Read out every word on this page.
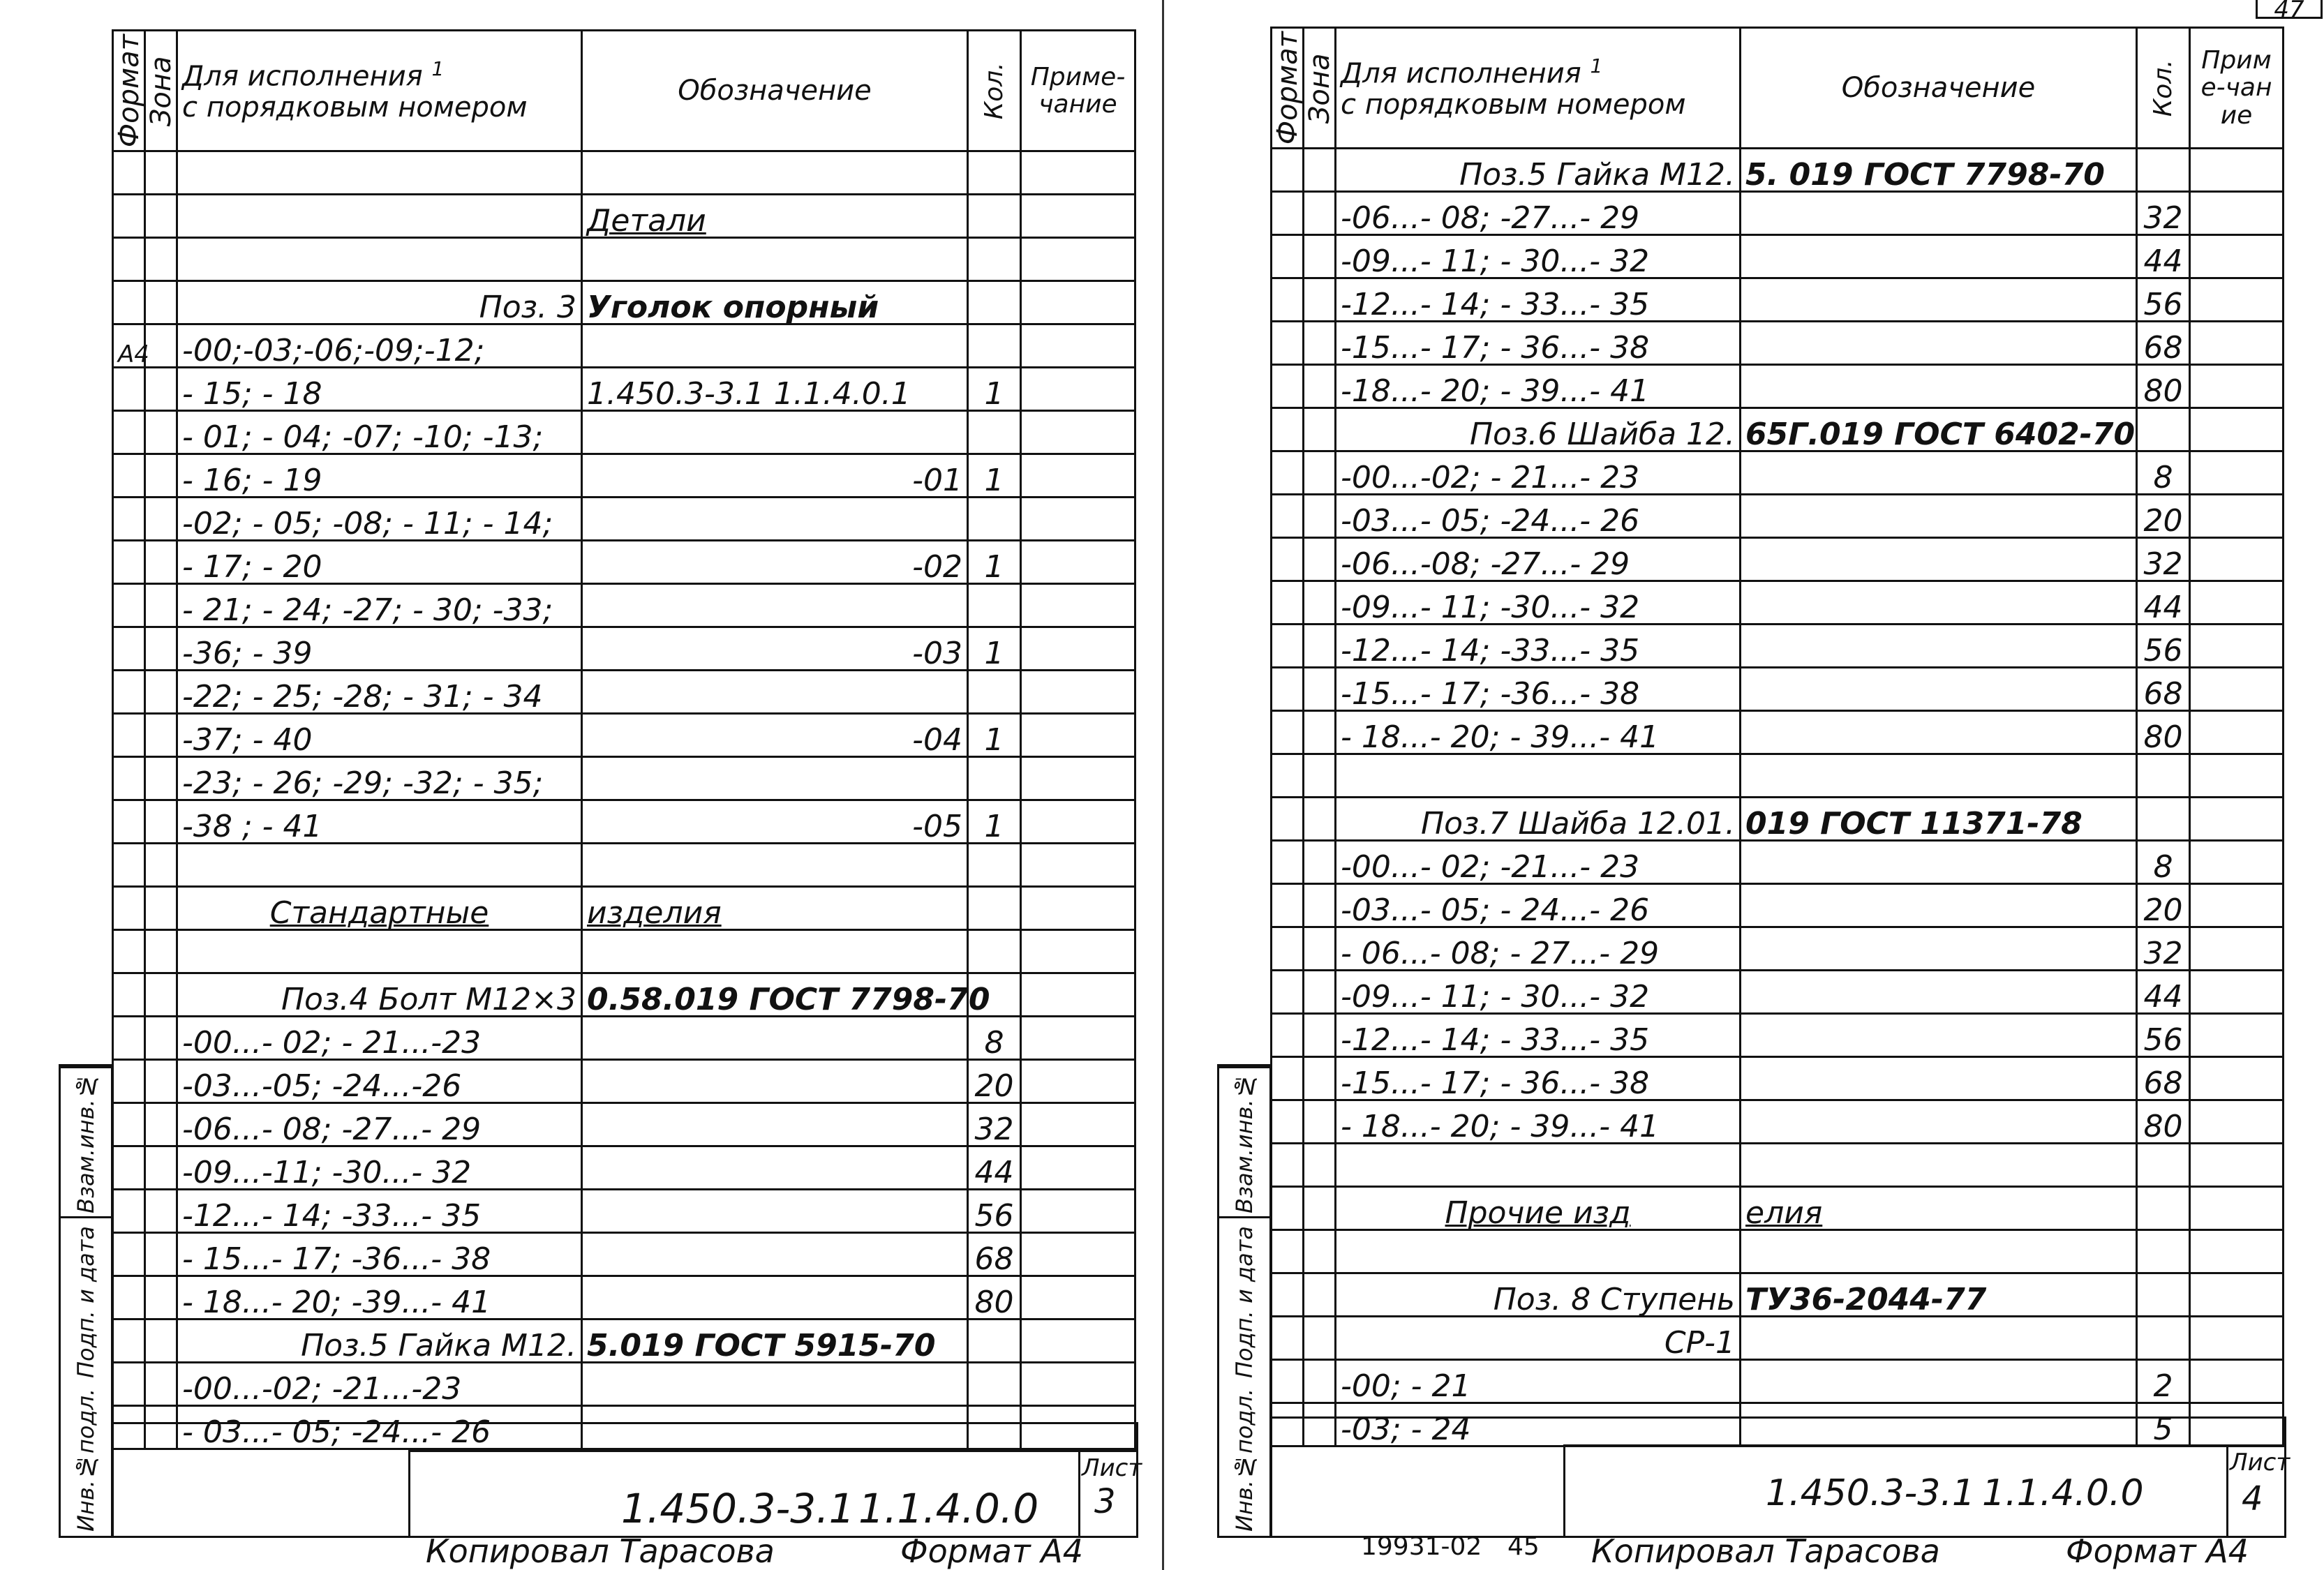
Формат	Зона	Для исполнения $^1$
с порядковым номером	Обозначение	Кол.	Приме-чание

			Детали		

		Поз. 3	Уголок опорный		
А4		-00;-03;-06;-09;-12;			
		- 15; - 18	1.450.3-3.1 1.1.4.0.1	1	
		- 01; - 04; -07; -10; -13;			
		- 16; - 19	-01	1	
		-02; - 05; -08; - 11; - 14;			
		- 17; - 20	-02	1	
		- 21; - 24; -27; - 30; -33;			
		-36; - 39	-03	1	
		-22; - 25; -28; - 31; - 34			
		-37; - 40	-04	1	
		-23; - 26; -29; -32; - 35;			
		-38 ; - 41	-05	1	

		Стандартные	изделия		

		Поз.4 Болт М12×3	0.58.019 ГОСТ 7798-70		
		-00...- 02; - 21...-23		8	
		-03...-05; -24...-26		20	
		-06...- 08; -27...- 29		32	
		-09...-11; -30...- 32		44	
		-12...- 14; -33...- 35		56	
		- 15...- 17; -36...- 38		68	
		- 18...- 20; -39...- 41		80	
		Поз.5 Гайка М12.	5.019 ГОСТ 5915-70		
		-00...-02; -21...-23			
		- 03...- 05; -24...- 26			
Лист
3
1.450.3-3.1 1.1.4.0.0
Копировал Тарасова	Формат А4
Взам.инв.№
Подп. и дата
Инв.№подл.
Формат	Зона	Для исполнения $^1$
с порядковым номером	Обозначение	Кол.	Приме-чание
		Поз.5 Гайка М12.	5. 019 ГОСТ 7798-70		
		-06...- 08; -27...- 29		32	
		-09...- 11; - 30...- 32		44	
		-12...- 14; - 33...- 35		56	
		-15...- 17; - 36...- 38		68	
		-18...- 20; - 39...- 41		80	
		Поз.6 Шайба 12.	65Г.019 ГОСТ 6402-70		
		-00...-02; - 21...- 23		8	
		-03...- 05; -24...- 26		20	
		-06...-08; -27...- 29		32	
		-09...- 11; -30...- 32		44	
		-12...- 14; -33...- 35		56	
		-15...- 17; -36...- 38		68	
		- 18...- 20; - 39...- 41		80	

		Поз.7 Шайба 12.01.	019 ГОСТ 11371-78		
		-00...- 02; -21...- 23		8	
		-03...- 05; - 24...- 26		20	
		- 06...- 08; - 27...- 29		32	
		-09...- 11; - 30...- 32		44	
		-12...- 14; - 33...- 35		56	
		-15...- 17; - 36...- 38		68	
		- 18...- 20; - 39...- 41		80	

		Прочие изд	елия		

		Поз. 8 Ступень	ТУ36-2044-77		
		СР-1			
		-00; - 21		2	
		-03; - 24		5	
Лист
4
1.450.3-3.1 1.1.4.0.0
19931-02 45 Копировал Тарасова	Формат А4
Взам.инв.№
Подп. и дата
Инв.№подл.
47
